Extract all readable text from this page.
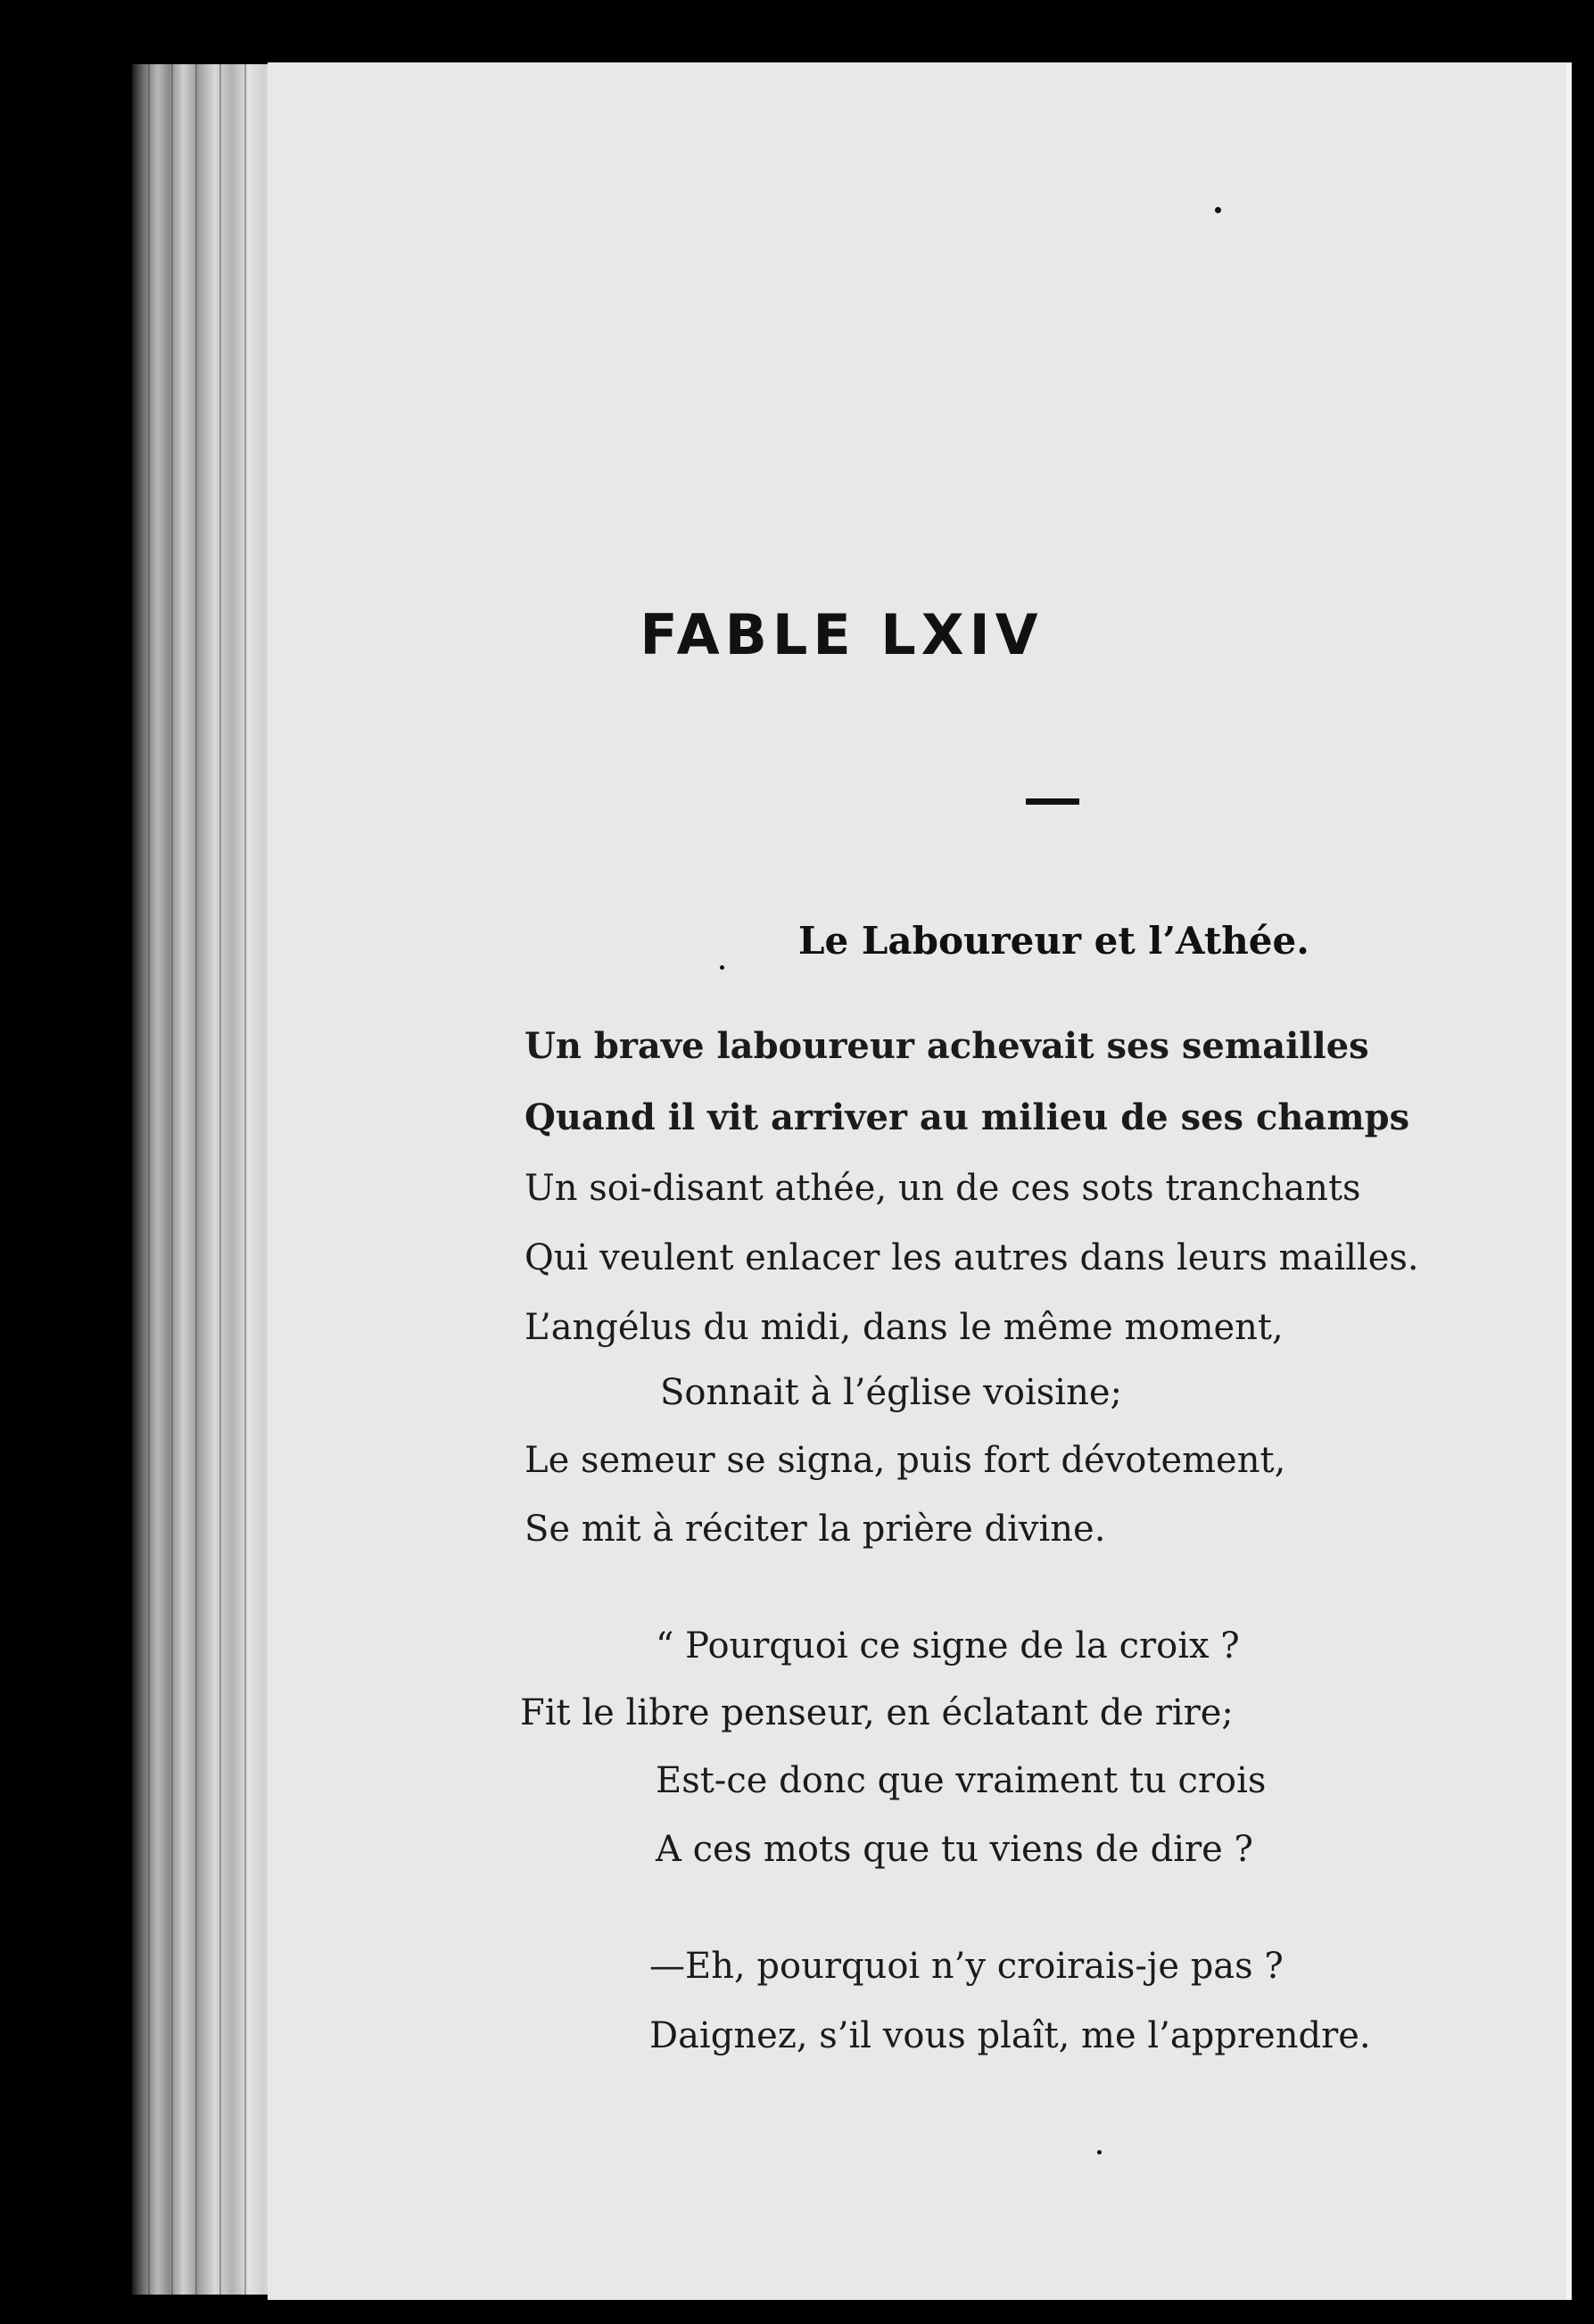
FABLE LXIV
Le Laboureur et l’Athée.
Un brave laboureur achevait ses semailles
Quand il vit arriver au milieu de ses champs
Un soi-disant athée, un de ces sots tranchants
Qui veulent enlacer les autres dans leurs mailles.
L’angélus du midi, dans le même moment,
Sonnait à l’église voisine;
Le semeur se signa, puis fort dévotement,
Se mit à réciter la prière divine.
“ Pourquoi ce signe de la croix ?
Fit le libre penseur, en éclatant de rire;
Est-ce donc que vraiment tu crois
A ces mots que tu viens de dire ?
—Eh, pourquoi n’y croirais-je pas ?
Daignez, s’il vous plaît, me l’apprendre.
